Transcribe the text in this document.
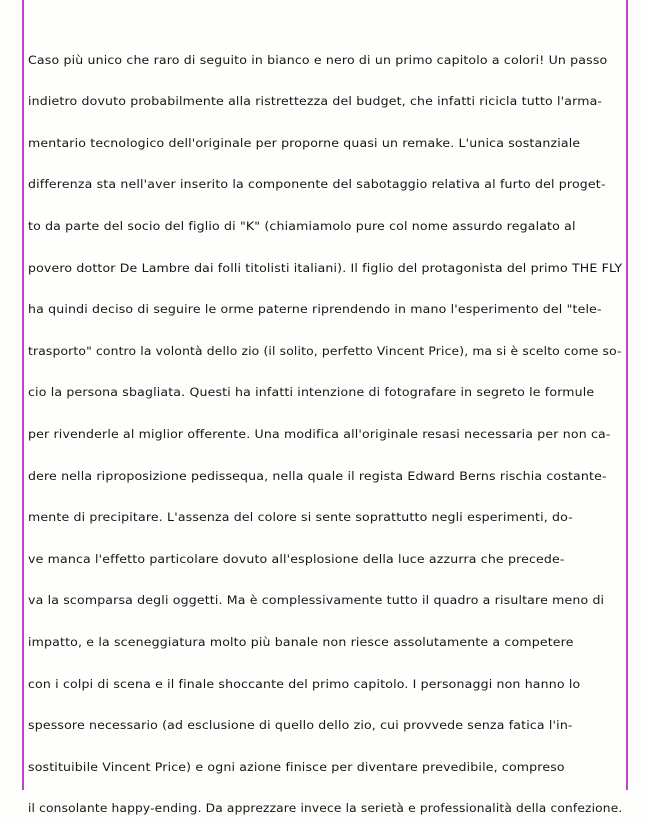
Caso più unico che raro di seguito in bianco e nero di un primo capitolo a colori! Un passo
indietro dovuto probabilmente alla ristrettezza del budget, che infatti ricicla tutto l'arma-
mentario tecnologico dell'originale per proporne quasi un remake. L'unica sostanziale
differenza sta nell'aver inserito la componente del sabotaggio relativa al furto del proget-
to da parte del socio del figlio di "K" (chiamiamolo pure col nome assurdo regalato al
povero dottor De Lambre dai folli titolisti italiani). Il figlio del protagonista del primo THE FLY
ha quindi deciso di seguire le orme paterne riprendendo in mano l'esperimento del "tele-
trasporto" contro la volontà dello zio (il solito, perfetto Vincent Price), ma si è scelto come so-
cio la persona sbagliata. Questi ha infatti intenzione di fotografare in segreto le formule
per rivenderle al miglior offerente. Una modifica all'originale resasi necessaria per non ca-
dere nella riproposizione pedissequa, nella quale il regista Edward Berns rischia costante-
mente di precipitare. L'assenza del colore si sente soprattutto negli esperimenti, do-
ve manca l'effetto particolare dovuto all'esplosione della luce azzurra che precede-
va la scomparsa degli oggetti. Ma è complessivamente tutto il quadro a risultare meno di
impatto, e la sceneggiatura molto più banale non riesce assolutamente a competere
con i colpi di scena e il finale shoccante del primo capitolo. I personaggi non hanno lo
spessore necessario (ad esclusione di quello dello zio, cui provvede senza fatica l'in-
sostituibile Vincent Price) e ogni azione finisce per diventare prevedibile, compreso
il consolante happy-ending. Da apprezzare invece la serietà e professionalità della confezione.
